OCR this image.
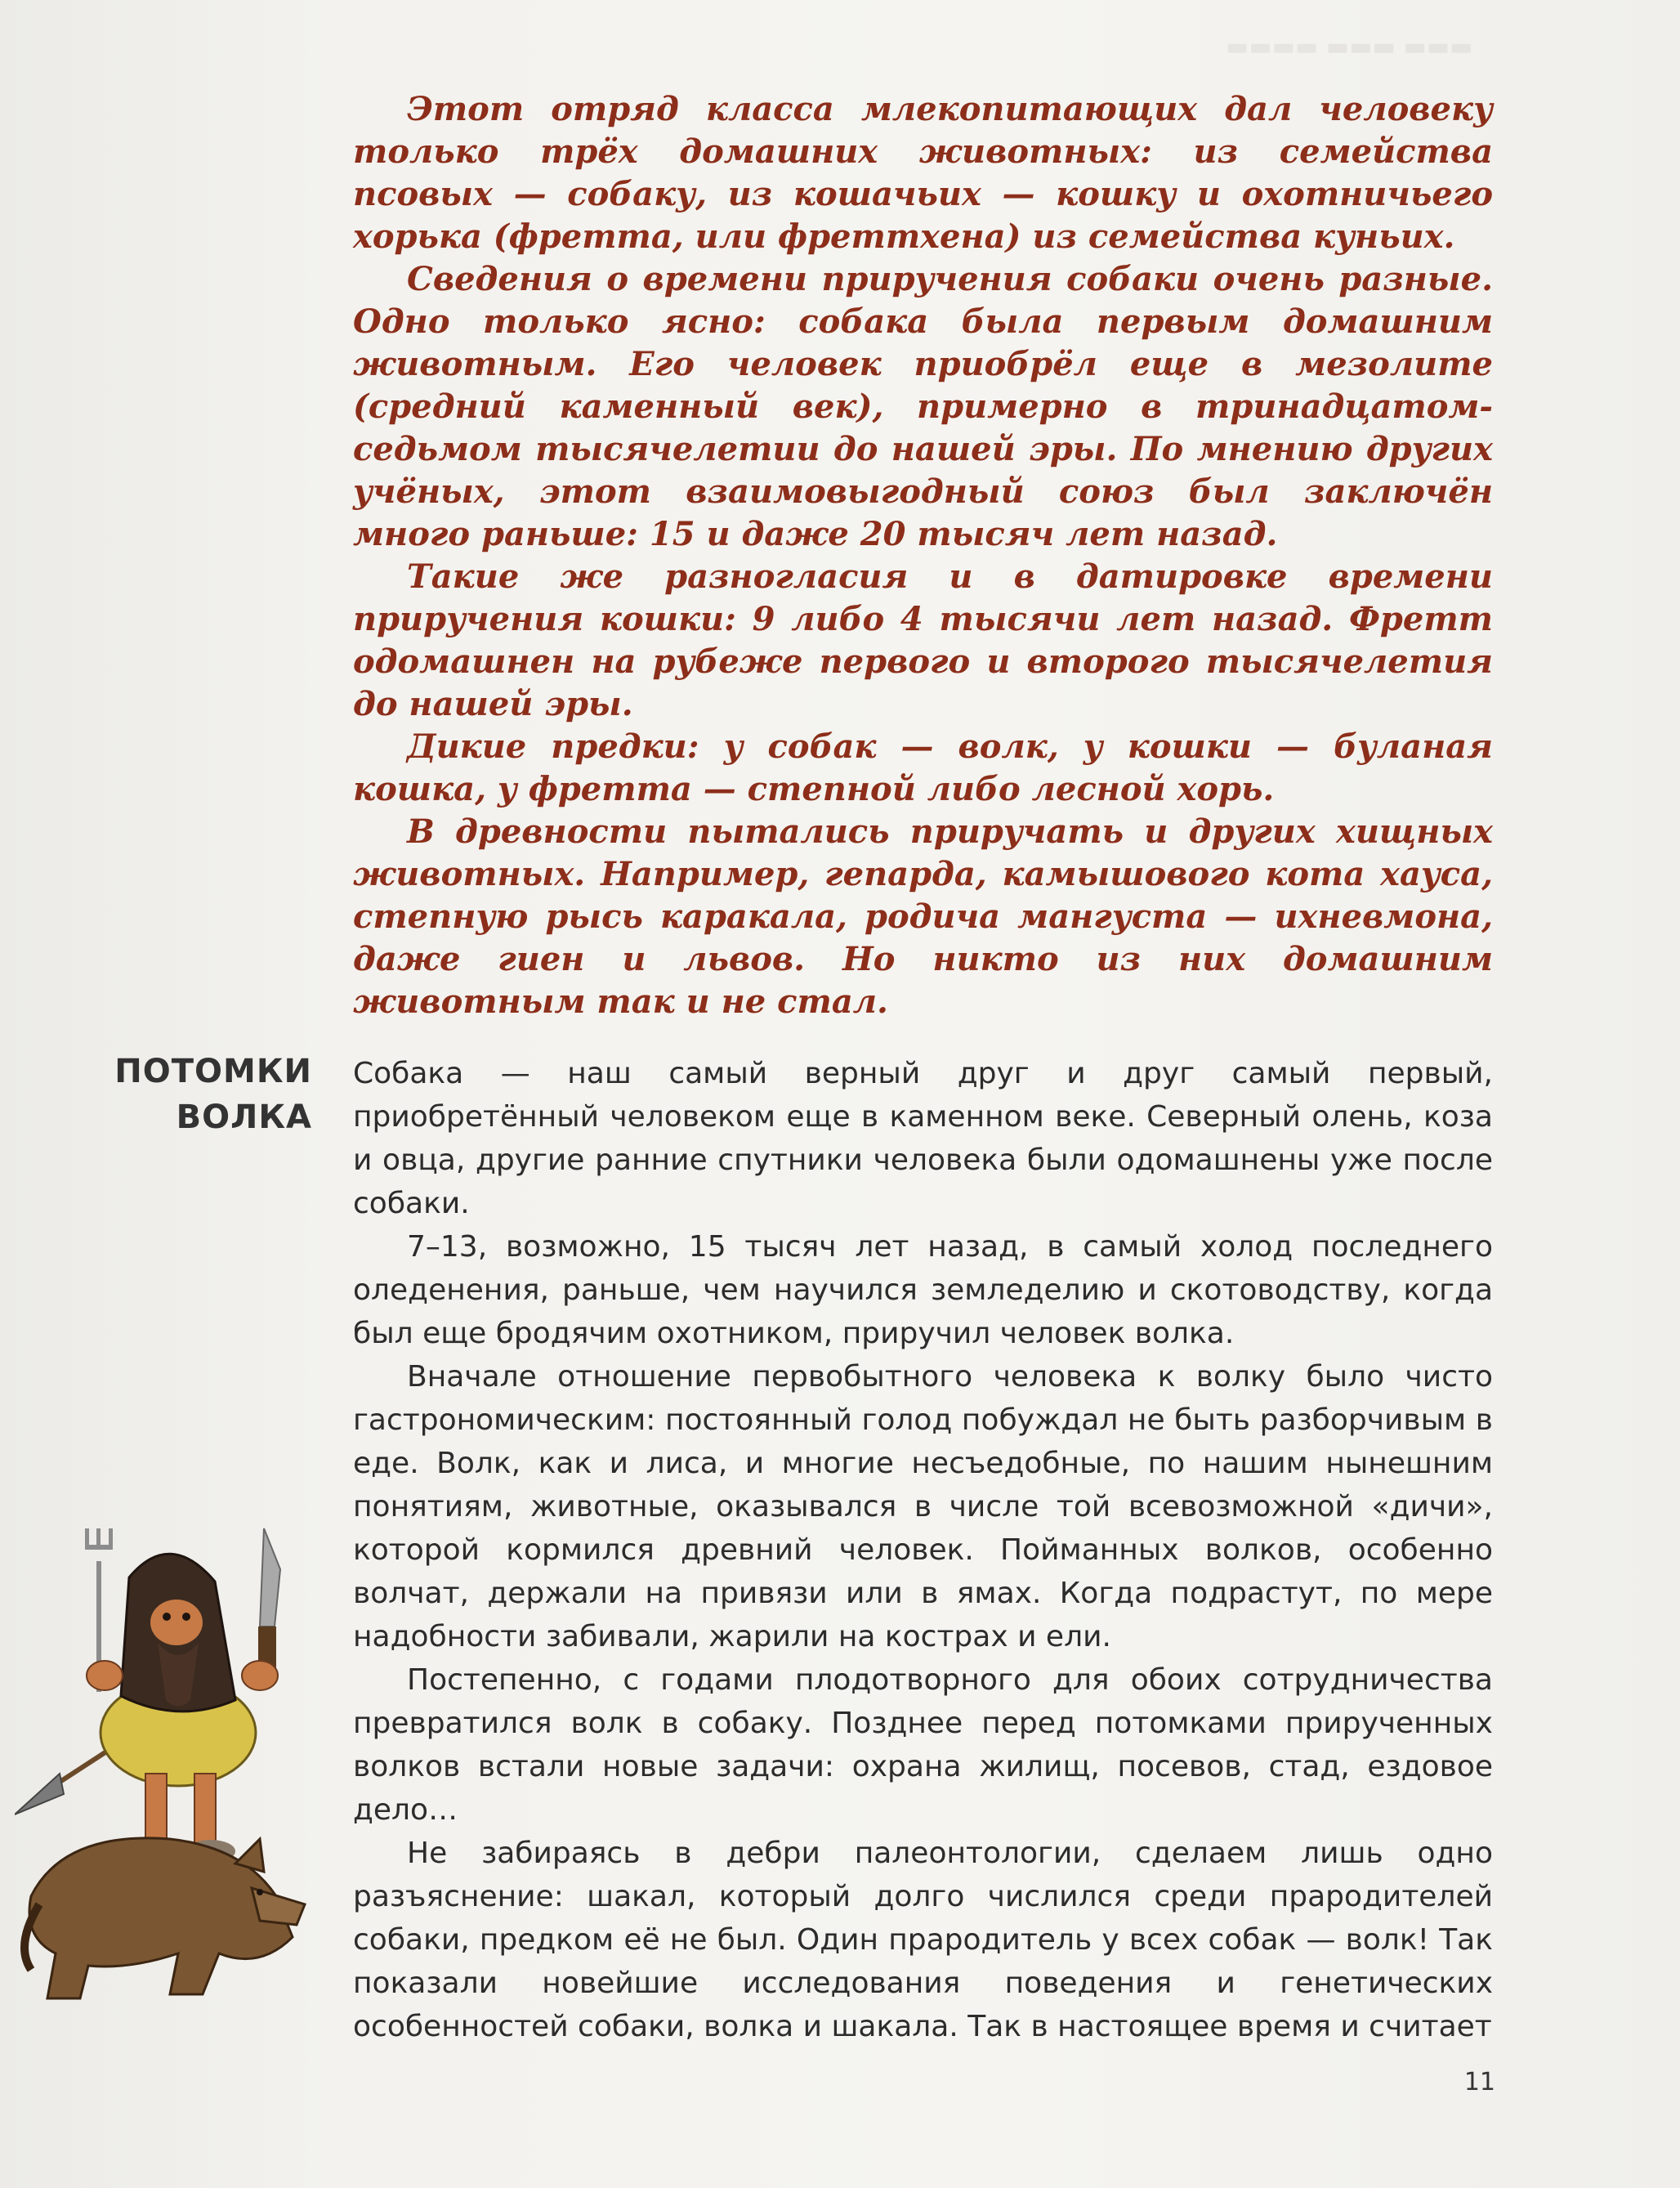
▬▬▬▬ ▬▬▬ ▬▬▬

Этот отряд класса млекопитающих дал человеку только трёх домашних животных: из семейства псовых — собаку, из кошачьих — кошку и охотничьего хорька (фретта, или фреттхена) из семейства куньих.

Сведения о времени приручения собаки очень разные. Одно только ясно: собака была первым домашним животным. Его человек приобрёл еще в мезолите (средний каменный век), примерно в тринадцатом-седьмом тысячелетии до нашей эры. По мнению других учёных, этот взаимовыгодный союз был заключён много раньше: 15 и даже 20 тысяч лет назад.

Такие же разногласия и в датировке времени приручения кошки: 9 либо 4 тысячи лет назад. Фретт одомашнен на рубеже первого и второго тысячелетия до нашей эры.

Дикие предки: у собак — волк, у кошки — буланая кошка, у фретта — степной либо лесной хорь.

В древности пытались приручать и других хищных животных. Например, гепарда, камышового кота хауса, степную рысь каракала, родича мангуста — ихневмона, даже гиен и львов. Но никто из них домашним животным так и не стал.

ПОТОМКИ
ВОЛКА

Собака — наш самый верный друг и друг самый первый, приобретённый человеком еще в каменном веке. Северный олень, коза и овца, другие ранние спутники человека были одомашнены уже после собаки.

7–13, возможно, 15 тысяч лет назад, в самый холод последнего оледенения, раньше, чем научился земледелию и скотоводству, когда был еще бродячим охотником, приручил человек волка.

Вначале отношение первобытного человека к волку было чисто гастрономическим: постоянный голод побуждал не быть разборчивым в еде. Волк, как и лиса, и многие несъедобные, по нашим нынешним понятиям, животные, оказывался в числе той всевозможной «дичи», которой кормился древний человек. Пойманных волков, особенно волчат, держали на привязи или в ямах. Когда подрастут, по мере надобности забивали, жарили на кострах и ели.

Постепенно, с годами плодотворного для обоих сотрудничества превратился волк в собаку. Позднее перед потомками прирученных волков встали новые задачи: охрана жилищ, посевов, стад, ездовое дело…

Не забираясь в дебри палеонтологии, сделаем лишь одно разъяснение: шакал, который долго числился среди прародителей собаки, предком её не был. Один прародитель у всех собак — волк! Так показали новейшие исследования поведения и генетических особенностей собаки, волка и шакала. Так в настоящее время и считает

11
